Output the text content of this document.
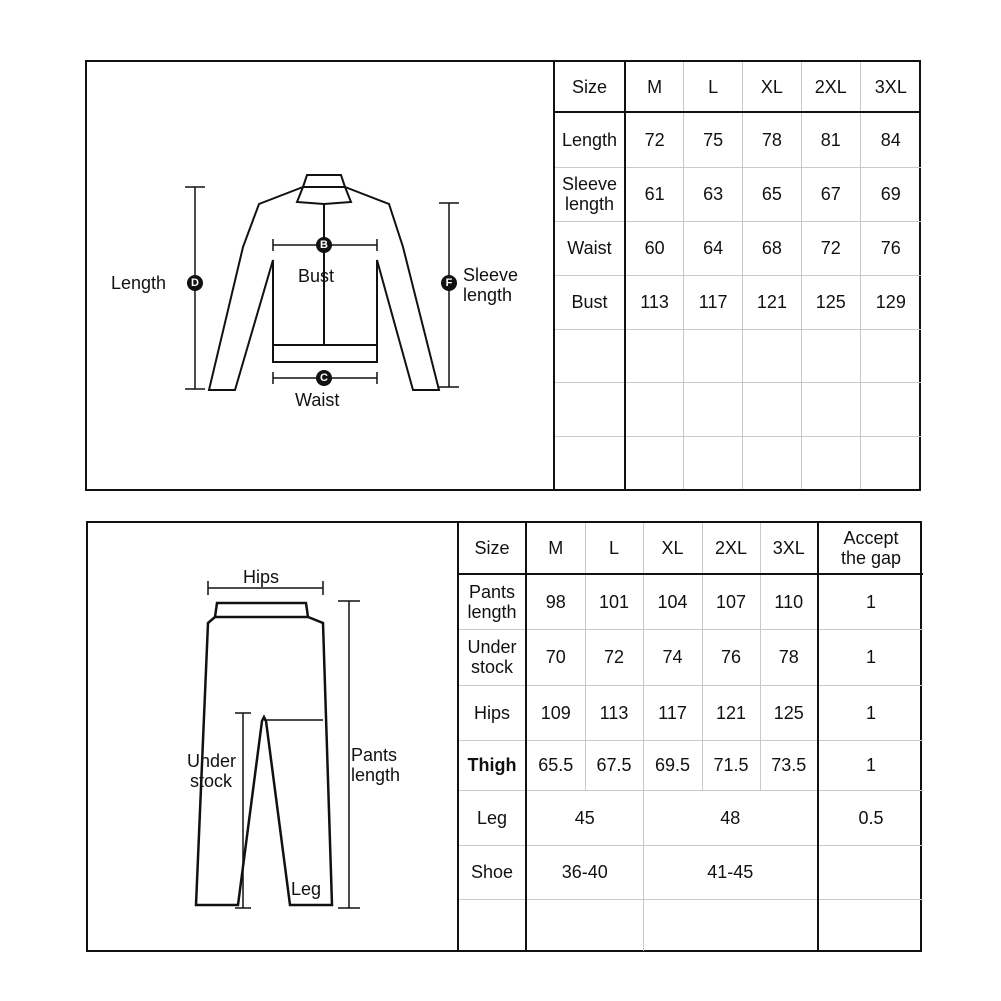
Length	D
B
Bust
C
Waist
F Sleeve
length
Size	M	L	XL	2XL	3XL
Length	72	75	78	81	84

Sleeve
length	61	63	65	67	69
Waist	60	64	68	72	76
Bust	113	117	121	125	129

Hips
Under
stock
Pants
length
Leg
Size	M	L	XL	2XL	3XL	Accept
the gap

Pants
length	98	101	104	107	110	1

Under
stock	70	72	74	76	78	1
Hips	109	113	117	121	125	1
Thigh	65.5	67.5	69.5	71.5	73.5	1
Leg	45		48			0.5
Shoe	36-40		41-45			
